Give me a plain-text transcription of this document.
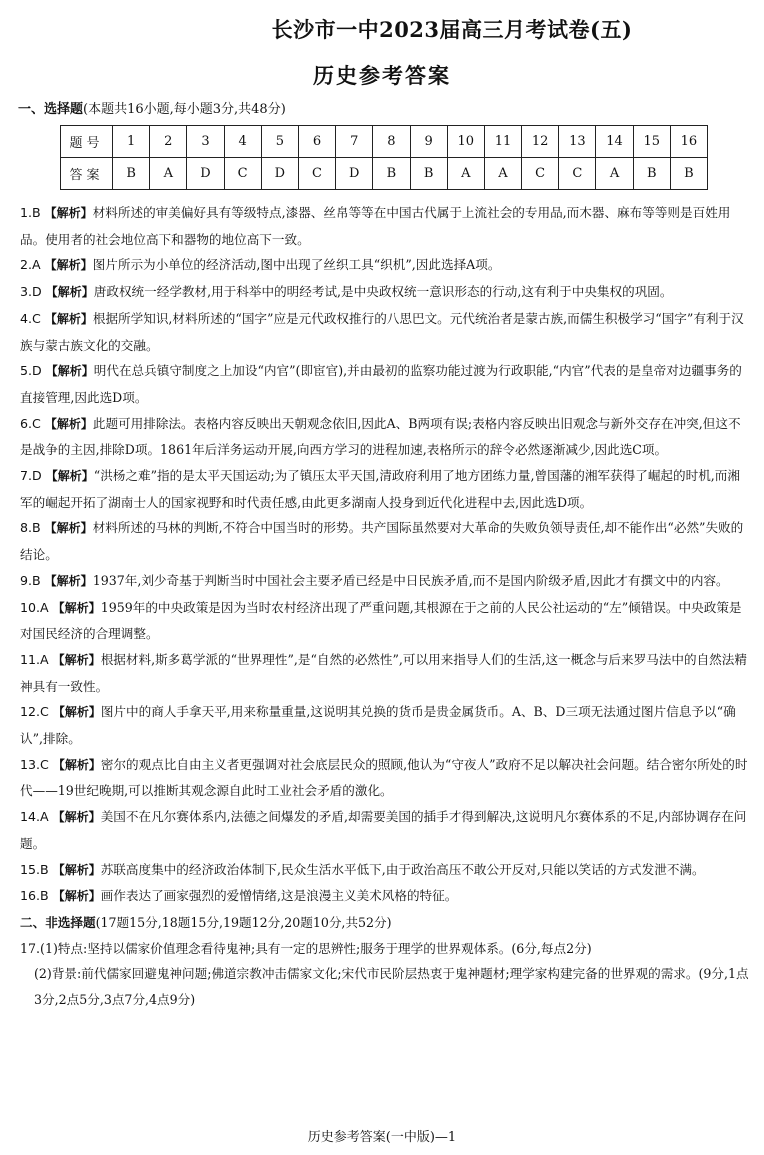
长沙市一中2023届高三月考试卷(五)
历史参考答案
一、选择题(本题共16小题,每小题3分,共48分)
题号	1	2	3	4	5	6	7	8	9	10	11	12	13	14	15	16
答案	B	A	D	C	D	C	D	B	B	A	A	C	C	A	B	B
1.B 【解析】材料所述的审美偏好具有等级特点,漆器、丝帛等等在中国古代属于上流社会的专用品,而木器、麻布等等则是百姓用品。使用者的社会地位高下和器物的地位高下一致。
2.A 【解析】图片所示为小单位的经济活动,图中出现了丝织工具“织机”,因此选择A项。
3.D 【解析】唐政权统一经学教材,用于科举中的明经考试,是中央政权统一意识形态的行动,这有利于中央集权的巩固。
4.C 【解析】根据所学知识,材料所述的“国字”应是元代政权推行的八思巴文。元代统治者是蒙古族,而儒生积极学习“国字”有利于汉族与蒙古族文化的交融。
5.D 【解析】明代在总兵镇守制度之上加设“内官”(即宦官),并由最初的监察功能过渡为行政职能,“内官”代表的是皇帝对边疆事务的直接管理,因此选D项。
6.C 【解析】此题可用排除法。表格内容反映出天朝观念依旧,因此A、B两项有误;表格内容反映出旧观念与新外交存在冲突,但这不是战争的主因,排除D项。1861年后洋务运动开展,向西方学习的进程加速,表格所示的辞令必然逐渐减少,因此选C项。
7.D 【解析】“洪杨之难”指的是太平天国运动;为了镇压太平天国,清政府利用了地方团练力量,曾国藩的湘军获得了崛起的时机,而湘军的崛起开拓了湖南士人的国家视野和时代责任感,由此更多湖南人投身到近代化进程中去,因此选D项。
8.B 【解析】材料所述的马林的判断,不符合中国当时的形势。共产国际虽然要对大革命的失败负领导责任,却不能作出“必然”失败的结论。
9.B 【解析】1937年,刘少奇基于判断当时中国社会主要矛盾已经是中日民族矛盾,而不是国内阶级矛盾,因此才有撰文中的内容。
10.A 【解析】1959年的中央政策是因为当时农村经济出现了严重问题,其根源在于之前的人民公社运动的“左”倾错误。中央政策是对国民经济的合理调整。
11.A 【解析】根据材料,斯多葛学派的“世界理性”,是“自然的必然性”,可以用来指导人们的生活,这一概念与后来罗马法中的自然法精神具有一致性。
12.C 【解析】图片中的商人手拿天平,用来称量重量,这说明其兑换的货币是贵金属货币。A、B、D三项无法通过图片信息予以“确认”,排除。
13.C 【解析】密尔的观点比自由主义者更强调对社会底层民众的照顾,他认为“守夜人”政府不足以解决社会问题。结合密尔所处的时代——19世纪晚期,可以推断其观念源自此时工业社会矛盾的激化。
14.A 【解析】美国不在凡尔赛体系内,法德之间爆发的矛盾,却需要美国的插手才得到解决,这说明凡尔赛体系的不足,内部协调存在问题。
15.B 【解析】苏联高度集中的经济政治体制下,民众生活水平低下,由于政治高压不敢公开反对,只能以笑话的方式发泄不满。
16.B 【解析】画作表达了画家强烈的爱憎情绪,这是浪漫主义美术风格的特征。
二、非选择题(17题15分,18题15分,19题12分,20题10分,共52分)
17.(1)特点:坚持以儒家价值理念看待鬼神;具有一定的思辨性;服务于理学的世界观体系。(6分,每点2分)
(2)背景:前代儒家回避鬼神问题;佛道宗教冲击儒家文化;宋代市民阶层热衷于鬼神题材;理学家构建完备的世界观的需求。(9分,1点3分,2点5分,3点7分,4点9分)
历史参考答案(一中版)—1
